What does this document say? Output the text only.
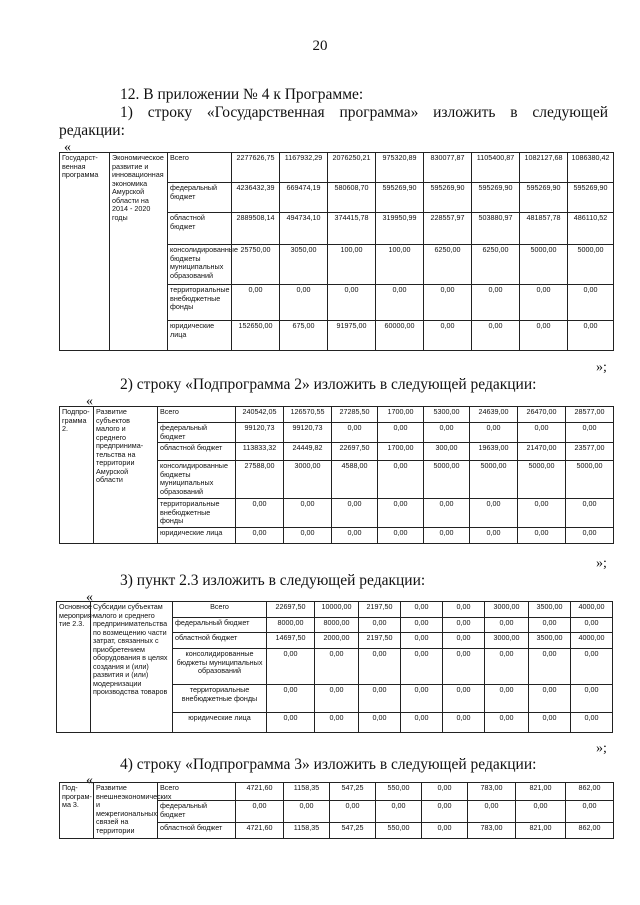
20
12. В приложении № 4 к Программе:
1) строку «Государственная программа» изложить в следующей
редакции:
«
Государст-венная программа	Экономическое развитие и инновационная экономика Амурской области на 2014 - 2020 годы	Всего	2277626,75	1167932,29	2076250,21	975320,89	830077,87	1105400,87	1082127,68	1086380,42
		федеральный бюджет	4236432,39	669474,19	580608,70	595269,90	595269,90	595269,90	595269,90	595269,90
		областной бюджет	2889508,14	494734,10	374415,78	319950,99	228557,97	503880,97	481857,78	486110,52
		консолидированные бюджеты муниципальных образований	25750,00	3050,00	100,00	100,00	6250,00	6250,00	5000,00	5000,00
		территориальные внебюджетные фонды	0,00	0,00	0,00	0,00	0,00	0,00	0,00	0,00
		юридические лица	152650,00	675,00	91975,00	60000,00	0,00	0,00	0,00	0,00
»;
2) строку «Подпрограмма 2» изложить в следующей редакции:
«
Подпро-грамма 2.	Развитие субъектов малого и среднего предпринима-тельства на территории Амурской области	Всего	240542,05	126570,55	27285,50	1700,00	5300,00	24639,00	26470,00	28577,00
		федеральный бюджет	99120,73	99120,73	0,00	0,00	0,00	0,00	0,00	0,00
		областной бюджет	113833,32	24449,82	22697,50	1700,00	300,00	19639,00	21470,00	23577,00
		консолидированные бюджеты муниципальных образований	27588,00	3000,00	4588,00	0,00	5000,00	5000,00	5000,00	5000,00
		территориальные внебюджетные фонды	0,00	0,00	0,00	0,00	0,00	0,00	0,00	0,00
		юридические лица	0,00	0,00	0,00	0,00	0,00	0,00	0,00	0,00
»;
3) пункт 2.3 изложить в следующей редакции:
«
Основное мероприя-тие 2.3.	Субсидии субъектам малого и среднего предпринимательства по возмещению части затрат, связанных с приобретением оборудования в целях создания и (или) развития и (или) модернизации производства товаров	Всего	22697,50	10000,00	2197,50	0,00	0,00	3000,00	3500,00	4000,00
		федеральный бюджет	8000,00	8000,00	0,00	0,00	0,00	0,00	0,00	0,00
		областной бюджет	14697,50	2000,00	2197,50	0,00	0,00	3000,00	3500,00	4000,00
		консолидированные бюджеты муниципальных образований	0,00	0,00	0,00	0,00	0,00	0,00	0,00	0,00
		территориальные внебюджетные фонды	0,00	0,00	0,00	0,00	0,00	0,00	0,00	0,00
		юридические лица	0,00	0,00	0,00	0,00	0,00	0,00	0,00	0,00
»;
4) строку «Подпрограмма 3» изложить в следующей редакции:
«
Под-програм-ма 3.	Развитие внешнеэкономических и межрегиональных связей на территории	Всего	4721,60	1158,35	547,25	550,00	0,00	783,00	821,00	862,00
		федеральный бюджет	0,00	0,00	0,00	0,00	0,00	0,00	0,00	0,00
		областной бюджет	4721,60	1158,35	547,25	550,00	0,00	783,00	821,00	862,00
